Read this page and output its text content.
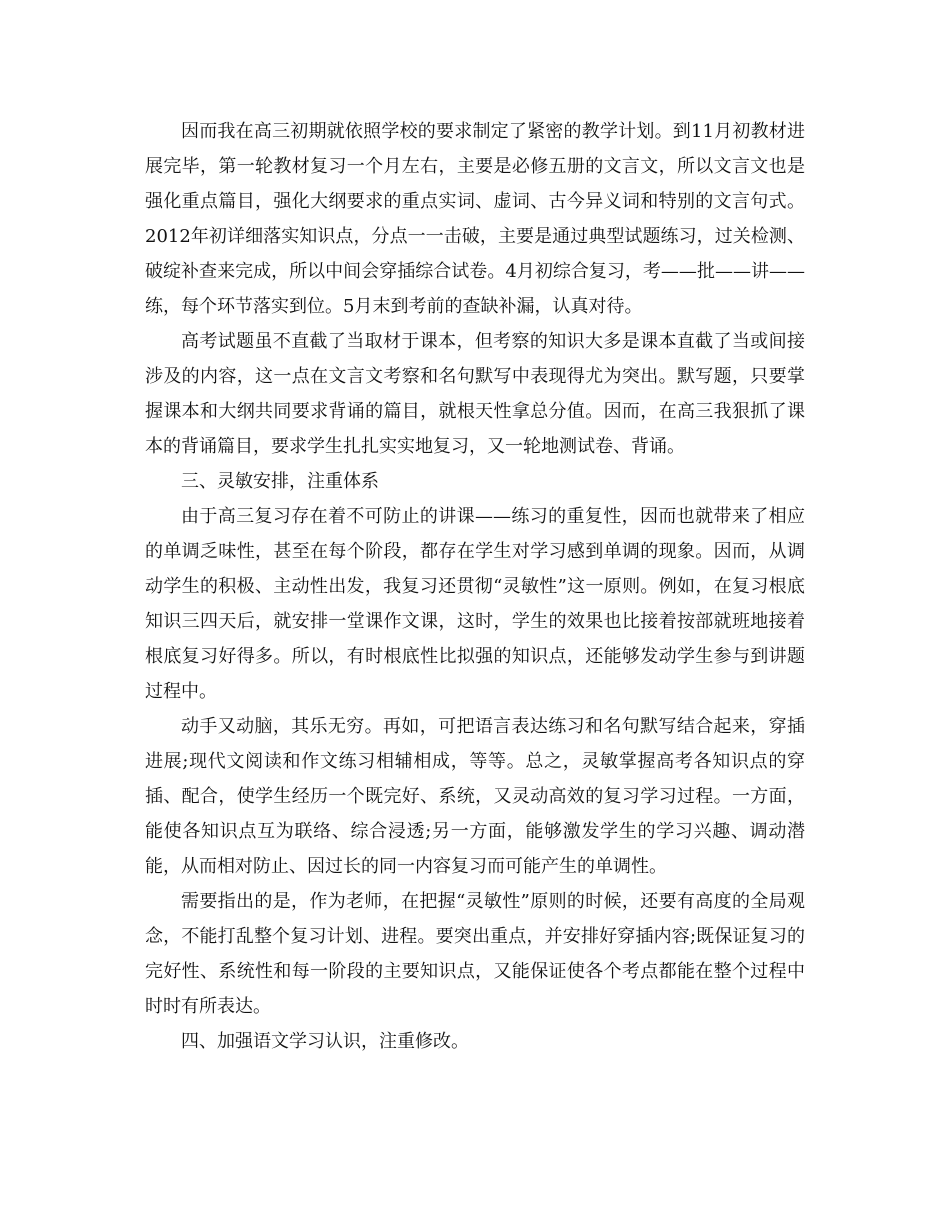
因而我在高三初期就依照学校的要求制定了紧密的教学计划。到11月初教材进展完毕，第一轮教材复习一个月左右，主要是必修五册的文言文，所以文言文也是强化重点篇目，强化大纲要求的重点实词、虚词、古今异义词和特别的文言句式。2012年初详细落实知识点，分点一一击破，主要是通过典型试题练习，过关检测、破绽补查来完成，所以中间会穿插综合试卷。4月初综合复习，考——批——讲——练，每个环节落实到位。5月末到考前的查缺补漏，认真对待。

高考试题虽不直截了当取材于课本，但考察的知识大多是课本直截了当或间接涉及的内容，这一点在文言文考察和名句默写中表现得尤为突出。默写题，只要掌握课本和大纲共同要求背诵的篇目，就根天性拿总分值。因而，在高三我狠抓了课本的背诵篇目，要求学生扎扎实实地复习，又一轮地测试卷、背诵。

三、灵敏安排，注重体系

由于高三复习存在着不可防止的讲课——练习的重复性，因而也就带来了相应的单调乏味性，甚至在每个阶段，都存在学生对学习感到单调的现象。因而，从调动学生的积极、主动性出发，我复习还贯彻“灵敏性”这一原则。例如，在复习根底知识三四天后，就安排一堂课作文课，这时，学生的效果也比接着按部就班地接着根底复习好得多。所以，有时根底性比拟强的知识点，还能够发动学生参与到讲题过程中。

动手又动脑，其乐无穷。再如，可把语言表达练习和名句默写结合起来，穿插进展;现代文阅读和作文练习相辅相成，等等。总之，灵敏掌握高考各知识点的穿插、配合，使学生经历一个既完好、系统，又灵动高效的复习学习过程。一方面，能使各知识点互为联络、综合浸透;另一方面，能够激发学生的学习兴趣、调动潜能，从而相对防止、因过长的同一内容复习而可能产生的单调性。

需要指出的是，作为老师，在把握“灵敏性”原则的时候，还要有高度的全局观念，不能打乱整个复习计划、进程。要突出重点，并安排好穿插内容;既保证复习的完好性、系统性和每一阶段的主要知识点，又能保证使各个考点都能在整个过程中时时有所表达。

四、加强语文学习认识，注重修改。
